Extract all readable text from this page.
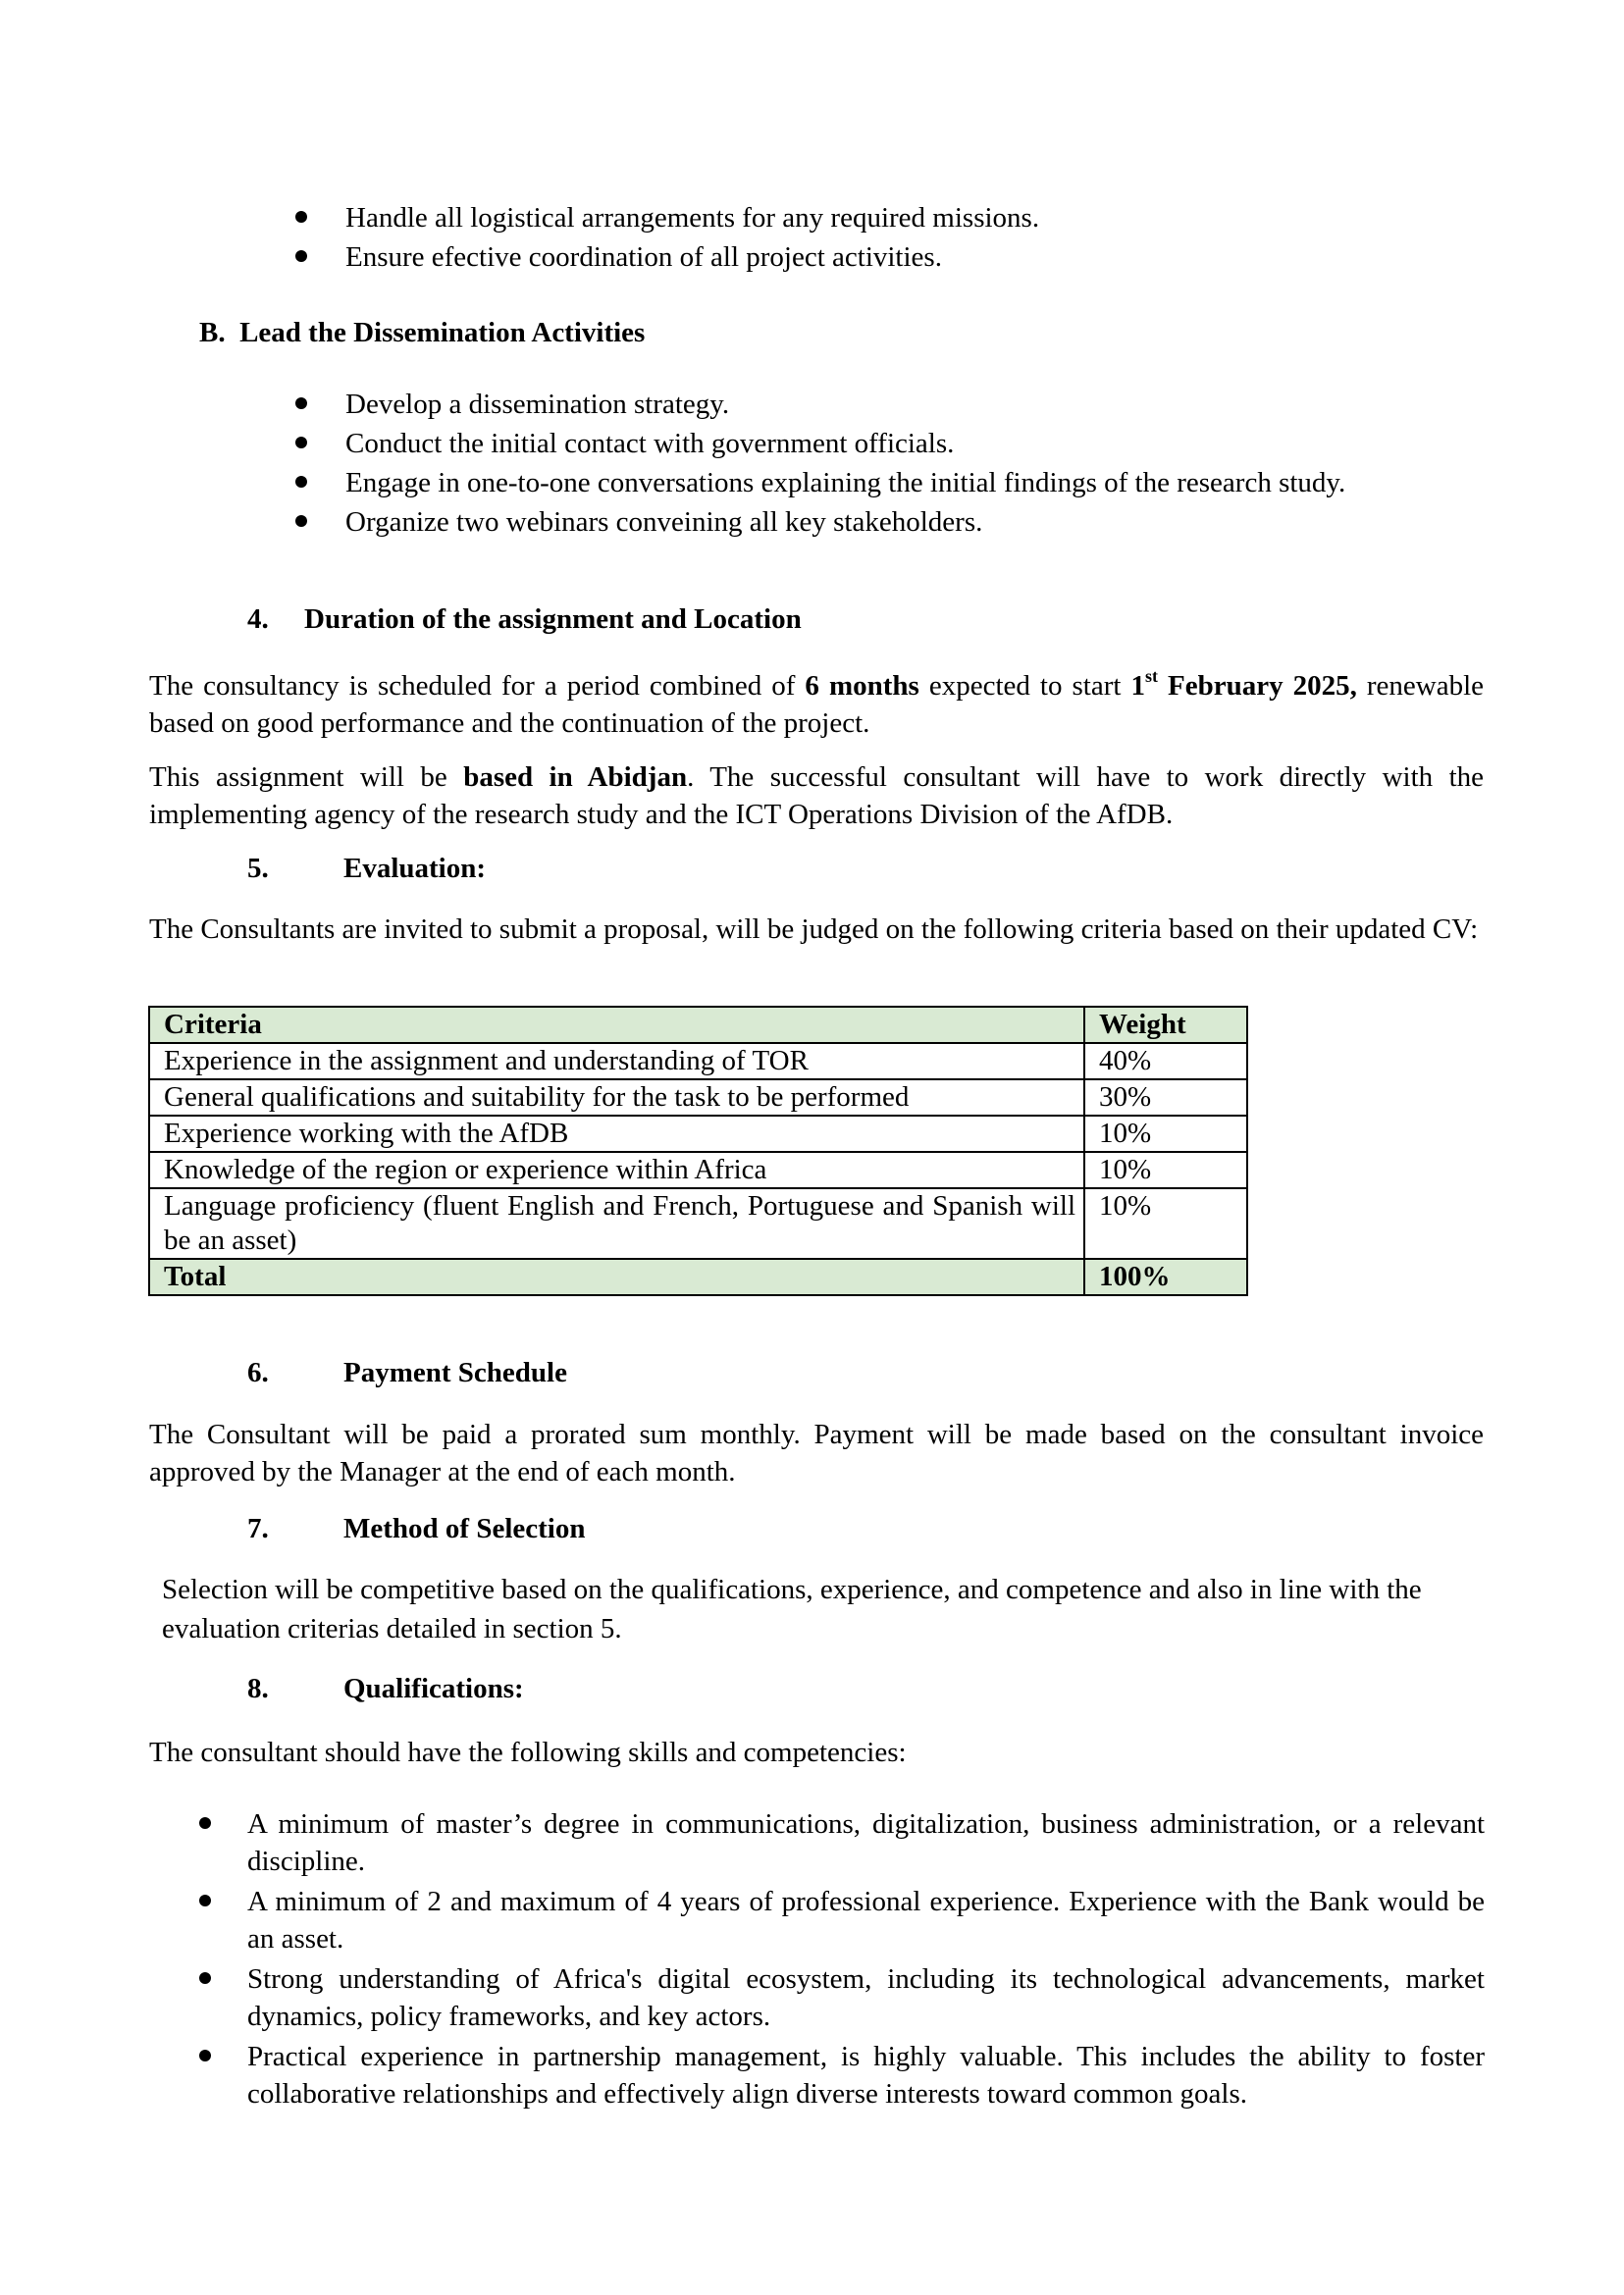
Handle all logistical arrangements for any required missions.
Ensure efective coordination of all project activities.
B. Lead the Dissemination Activities
Develop a dissemination strategy.
Conduct the initial contact with government officials.
Engage in one-to-one conversations explaining the initial findings of the research study.
Organize two webinars conveining all key stakeholders.
4. Duration of the assignment and Location
The consultancy is scheduled for a period combined of 6 months expected to start 1st February 2025, renewable based on good performance and the continuation of the project.
This assignment will be based in Abidjan. The successful consultant will have to work directly with the implementing agency of the research study and the ICT Operations Division of the AfDB.
5.	Evaluation:
The Consultants are invited to submit a proposal, will be judged on the following criteria based on their updated CV:
Criteria	Weight
Experience in the assignment and understanding of TOR	40%
General qualifications and suitability for the task to be performed	30%
Experience working with the AfDB	10%
Knowledge of the region or experience within Africa	10%
Language proficiency (fluent English and French, Portuguese and Spanish will be an asset)	10%
Total	100%
6.	Payment Schedule
The Consultant will be paid a prorated sum monthly. Payment will be made based on the consultant invoice approved by the Manager at the end of each month.
7.	Method of Selection
Selection will be competitive based on the qualifications, experience, and competence and also in line with the evaluation criterias detailed in section 5.
8.	Qualifications:
The consultant should have the following skills and competencies:
A minimum of master’s degree in communications, digitalization, business administration, or a relevant discipline.
A minimum of 2 and maximum of 4 years of professional experience. Experience with the Bank would be an asset.
Strong understanding of Africa's digital ecosystem, including its technological advancements, market dynamics, policy frameworks, and key actors.
Practical experience in partnership management, is highly valuable. This includes the ability to foster collaborative relationships and effectively align diverse interests toward common goals.
